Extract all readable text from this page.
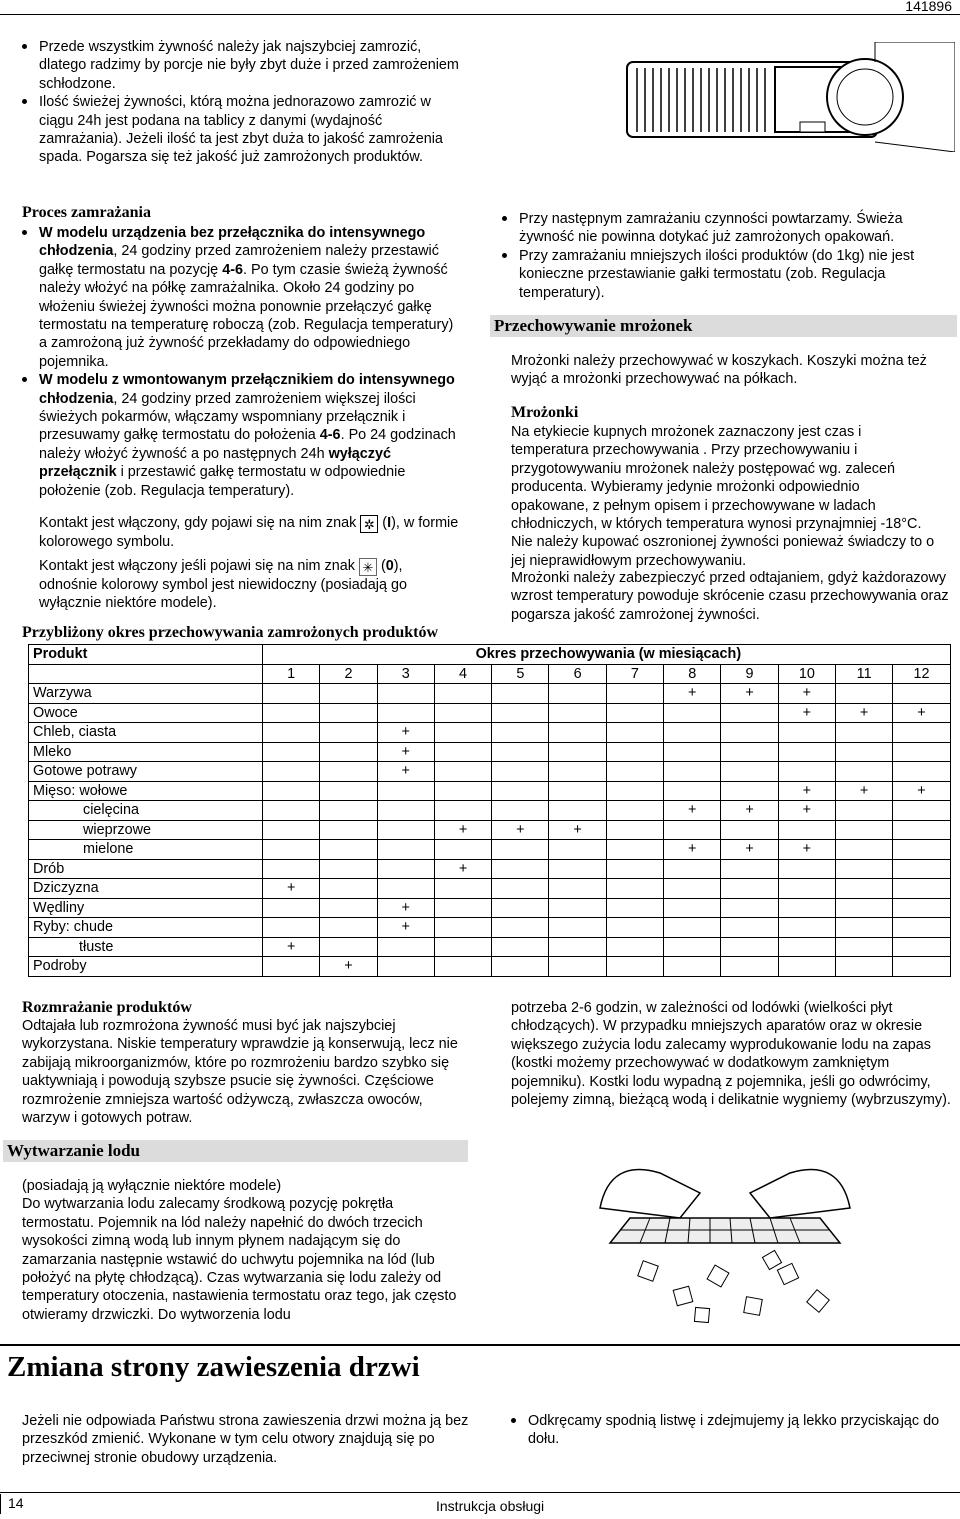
141896
Przede wszystkim żywność należy jak najszybciej zamrozić, dlatego radzimy by porcje nie były zbyt duże i przed zamrożeniem schłodzone.
Ilość świeżej żywności, którą można jednorazowo zamrozić w ciągu 24h jest podana na tablicy z danymi (wydajność zamrażania). Jeżeli ilość ta jest zbyt duża to jakość zamrożenia spada. Pogarsza się też jakość już zamrożonych produktów.
Proces zamrażania
W modelu urządzenia bez przełącznika do intensywnego chłodzenia, 24 godziny przed zamrożeniem należy przestawić gałkę termostatu na pozycję 4-6. Po tym czasie świeżą żywność należy włożyć na półkę zamrażalnika. Około 24 godziny po włożeniu świeżej żywności można ponownie przełączyć gałkę termostatu na temperaturę roboczą (zob. Regulacja temperatury) a zamrożoną już żywność przekładamy do odpowiedniego pojemnika.
W modelu z wmontowanym przełącznikiem do intensywnego chłodzenia, 24 godziny przed zamrożeniem większej ilości świeżych pokarmów, włączamy wspomniany przełącznik i przesuwamy gałkę termostatu do położenia 4-6. Po 24 godzinach należy włożyć żywność a po następnych 24h wyłączyć przełącznik i przestawić gałkę termostatu w odpowiednie położenie (zob. Regulacja temperatury).
Kontakt jest włączony, gdy pojawi się na nim znak ✲ (I), w formie kolorowego symbolu.
Kontakt jest włączony jeśli pojawi się na nim znak ✳ (0), odnośnie kolorowy symbol jest niewidoczny (posiadają go wyłącznie niektóre modele).
Przy następnym zamrażaniu czynności powtarzamy. Świeża żywność nie powinna dotykać już zamrożonych opakowań.
Przy zamrażaniu mniejszych ilości produktów (do 1kg) nie jest konieczne przestawianie gałki termostatu (zob. Regulacja temperatury).
Przechowywanie mrożonek
Mrożonki należy przechowywać w koszykach. Koszyki można też wyjąć a mrożonki przechowywać na półkach.
Mrożonki
Na etykiecie kupnych mrożonek zaznaczony jest czas i temperatura przechowywania . Przy przechowywaniu i przygotowywaniu mrożonek należy postępować wg. zaleceń producenta. Wybieramy jedynie mrożonki odpowiednio opakowane, z pełnym opisem i przechowywane w ladach chłodniczych, w których temperatura wynosi przynajmniej -18°C. Nie należy kupować oszronionej żywności ponieważ świadczy to o jej nieprawidłowym przechowywaniu.
Mrożonki należy zabezpieczyć przed odtajaniem, gdyż każdorazowy wzrost temperatury powoduje skrócenie czasu przechowywania oraz pogarsza jakość zamrożonej żywności.
Przybliżony okres przechowywania zamrożonych produktów
Produkt	Okres przechowywania (w miesiącach)											
	1	2	3	4	5	6	7	8	9	10	11	12
Warzywa								+	+	+		
Owoce										+	+	+
Chleb, ciasta			+									
Mleko			+									
Gotowe potrawy			+									
Mięso: wołowe										+	+	+
cielęcina								+	+	+		
wieprzowe				+	+	+						
mielone								+	+	+		
Drób				+								
Dziczyzna	+											
Wędliny			+									
Ryby: chude			+									
tłuste	+											
Podroby		+										
Rozmrażanie produktów
Odtajała lub rozmrożona żywność musi być jak najszybciej wykorzystana. Niskie temperatury wprawdzie ją konserwują, lecz nie zabijają mikroorganizmów, które po rozmrożeniu bardzo szybko się uaktywniają i powodują szybsze psucie się żywności. Częściowe rozmrożenie zmniejsza wartość odżywczą, zwłaszcza owoców, warzyw i gotowych potraw.
potrzeba 2-6 godzin, w zależności od lodówki (wielkości płyt chłodzących). W przypadku mniejszych aparatów oraz w okresie większego zużycia lodu zalecamy wyprodukowanie lodu na zapas (kostki możemy przechowywać w dodatkowym zamkniętym pojemniku). Kostki lodu wypadną z pojemnika, jeśli go odwrócimy, polejemy zimną, bieżącą wodą i delikatnie wygniemy (wybrzuszymy).
Wytwarzanie lodu
(posiadają ją wyłącznie niektóre modele)
Do wytwarzania lodu zalecamy środkową pozycję pokrętła termostatu. Pojemnik na lód należy napełnić do dwóch trzecich wysokości zimną wodą lub innym płynem nadającym się do zamarzania następnie wstawić do uchwytu pojemnika na lód (lub położyć na płytę chłodzącą). Czas wytwarzania się lodu zależy od temperatury otoczenia, nastawienia termostatu oraz tego, jak często otwieramy drzwiczki. Do wytworzenia lodu
Zmiana strony zawieszenia drzwi
Jeżeli nie odpowiada Państwu strona zawieszenia drzwi można ją bez przeszkód zmienić. Wykonane w tym celu otwory znajdują się po przeciwnej stronie obudowy urządzenia.
Odkręcamy spodnią listwę i zdejmujemy ją lekko przyciskając do dołu.
14	Instrukcja obsługi
